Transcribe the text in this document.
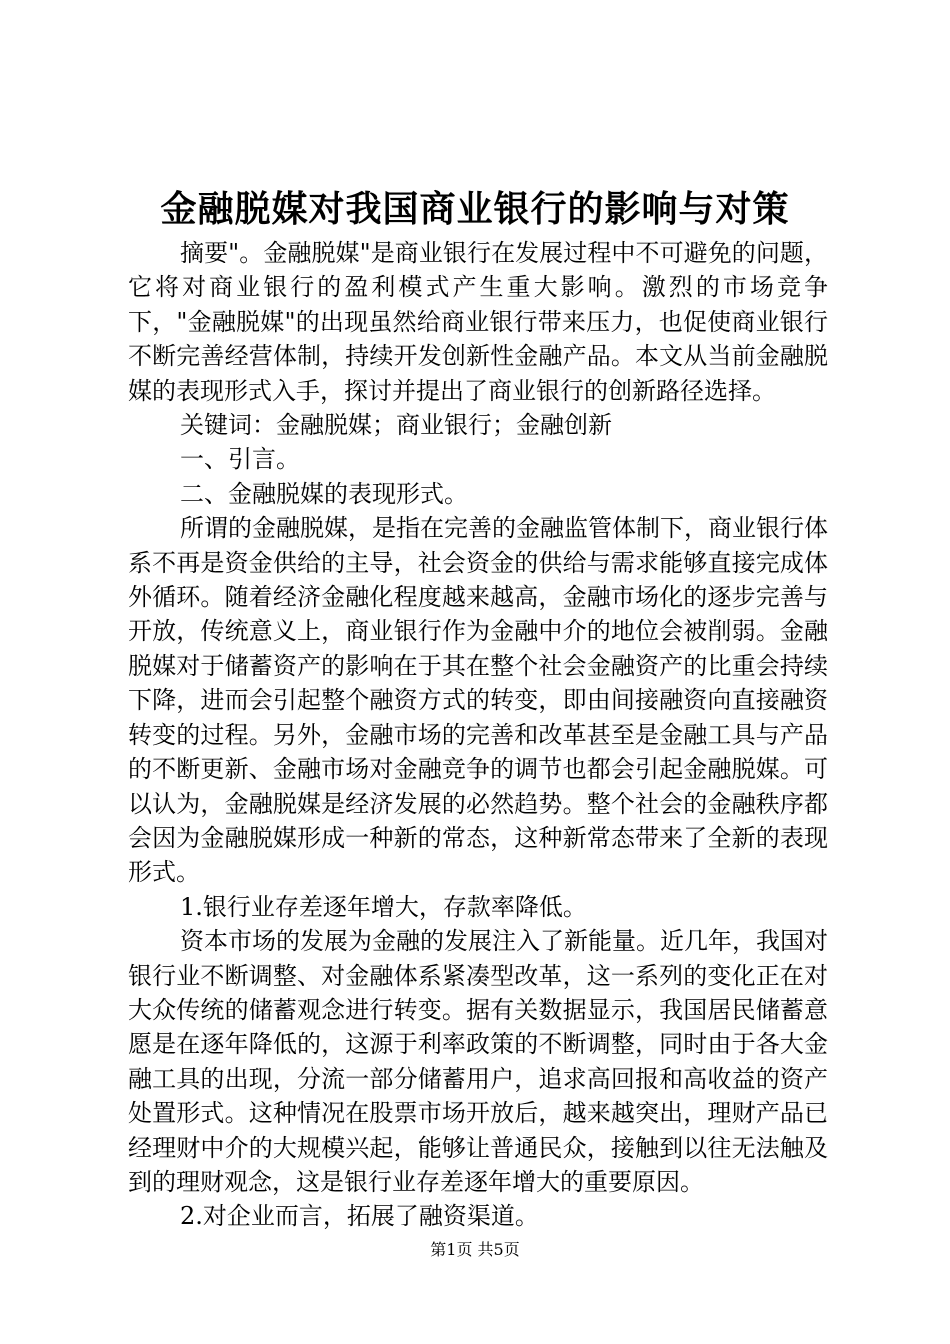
金融脱媒对我国商业银行的影响与对策

摘要"。金融脱媒"是商业银行在发展过程中不可避免的问题，它将对商业银行的盈利模式产生重大影响。激烈的市场竞争下，"金融脱媒"的出现虽然给商业银行带来压力，也促使商业银行不断完善经营体制，持续开发创新性金融产品。本文从当前金融脱媒的表现形式入手，探讨并提出了商业银行的创新路径选择。

关键词：金融脱媒；商业银行；金融创新

一、引言。

二、金融脱媒的表现形式。

所谓的金融脱媒，是指在完善的金融监管体制下，商业银行体系不再是资金供给的主导，社会资金的供给与需求能够直接完成体外循环。随着经济金融化程度越来越高，金融市场化的逐步完善与开放，传统意义上，商业银行作为金融中介的地位会被削弱。金融脱媒对于储蓄资产的影响在于其在整个社会金融资产的比重会持续下降，进而会引起整个融资方式的转变，即由间接融资向直接融资转变的过程。另外，金融市场的完善和改革甚至是金融工具与产品的不断更新、金融市场对金融竞争的调节也都会引起金融脱媒。可以认为，金融脱媒是经济发展的必然趋势。整个社会的金融秩序都会因为金融脱媒形成一种新的常态，这种新常态带来了全新的表现形式。

1.银行业存差逐年增大，存款率降低。

资本市场的发展为金融的发展注入了新能量。近几年，我国对银行业不断调整、对金融体系紧凑型改革，这一系列的变化正在对大众传统的储蓄观念进行转变。据有关数据显示，我国居民储蓄意愿是在逐年降低的，这源于利率政策的不断调整，同时由于各大金融工具的出现，分流一部分储蓄用户，追求高回报和高收益的资产处置形式。这种情况在股票市场开放后，越来越突出，理财产品已经理财中介的大规模兴起，能够让普通民众，接触到以往无法触及到的理财观念，这是银行业存差逐年增大的重要原因。

2.对企业而言，拓展了融资渠道。

第1页 共5页
